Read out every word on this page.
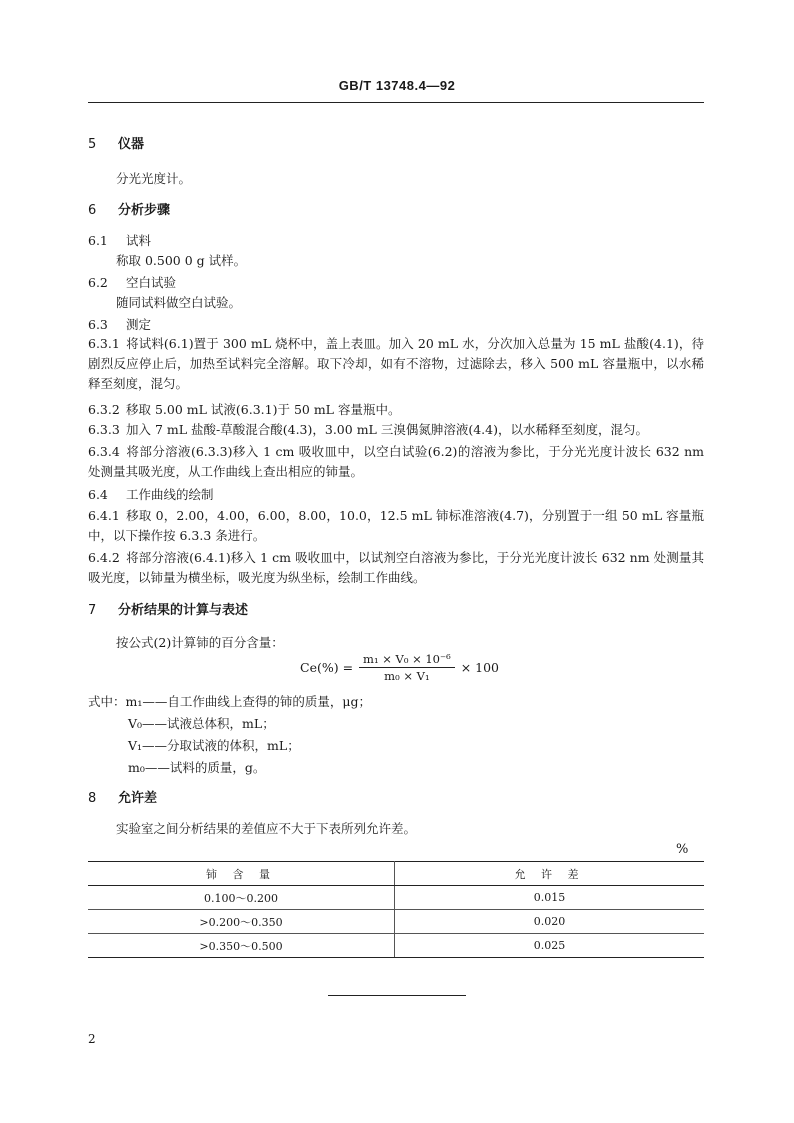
GB/T 13748.4—92
5 仪器
分光光度计。
6 分析步骤
6.1 试料
称取 0.500 0 g 试样。
6.2 空白试验
随同试料做空白试验。
6.3 测定
6.3.1 将试料(6.1)置于 300 mL 烧杯中，盖上表皿。加入 20 mL 水，分次加入总量为 15 mL 盐酸(4.1)，待剧烈反应停止后，加热至试料完全溶解。取下冷却，如有不溶物，过滤除去，移入 500 mL 容量瓶中，以水稀释至刻度，混匀。
6.3.2 移取 5.00 mL 试液(6.3.1)于 50 mL 容量瓶中。
6.3.3 加入 7 mL 盐酸-草酸混合酸(4.3)，3.00 mL 三溴偶氮胂溶液(4.4)，以水稀释至刻度，混匀。
6.3.4 将部分溶液(6.3.3)移入 1 cm 吸收皿中，以空白试验(6.2)的溶液为参比，于分光光度计波长 632 nm 处测量其吸光度，从工作曲线上查出相应的铈量。
6.4 工作曲线的绘制
6.4.1 移取 0，2.00，4.00，6.00，8.00，10.0，12.5 mL 铈标准溶液(4.7)，分别置于一组 50 mL 容量瓶中，以下操作按 6.3.3 条进行。
6.4.2 将部分溶液(6.4.1)移入 1 cm 吸收皿中，以试剂空白溶液为参比，于分光光度计波长 632 nm 处测量其吸光度，以铈量为横坐标，吸光度为纵坐标，绘制工作曲线。
7 分析结果的计算与表述
按公式(2)计算铈的百分含量：
$Ce(\%) = \frac{\text{m₁ × V₀ × 10⁻⁶}}{\text{m₀ × V₁}} \times 100$
式中：m₁——自工作曲线上查得的铈的质量，μg；
V₀——试液总体积，mL；
V₁——分取试液的体积，mL；
m₀——试料的质量，g。
8 允许差
实验室之间分析结果的差值应不大于下表所列允许差。
%
铈 含 量	允 许 差
0.100～0.200	0.015
>0.200～0.350	0.020
>0.350～0.500	0.025
2
